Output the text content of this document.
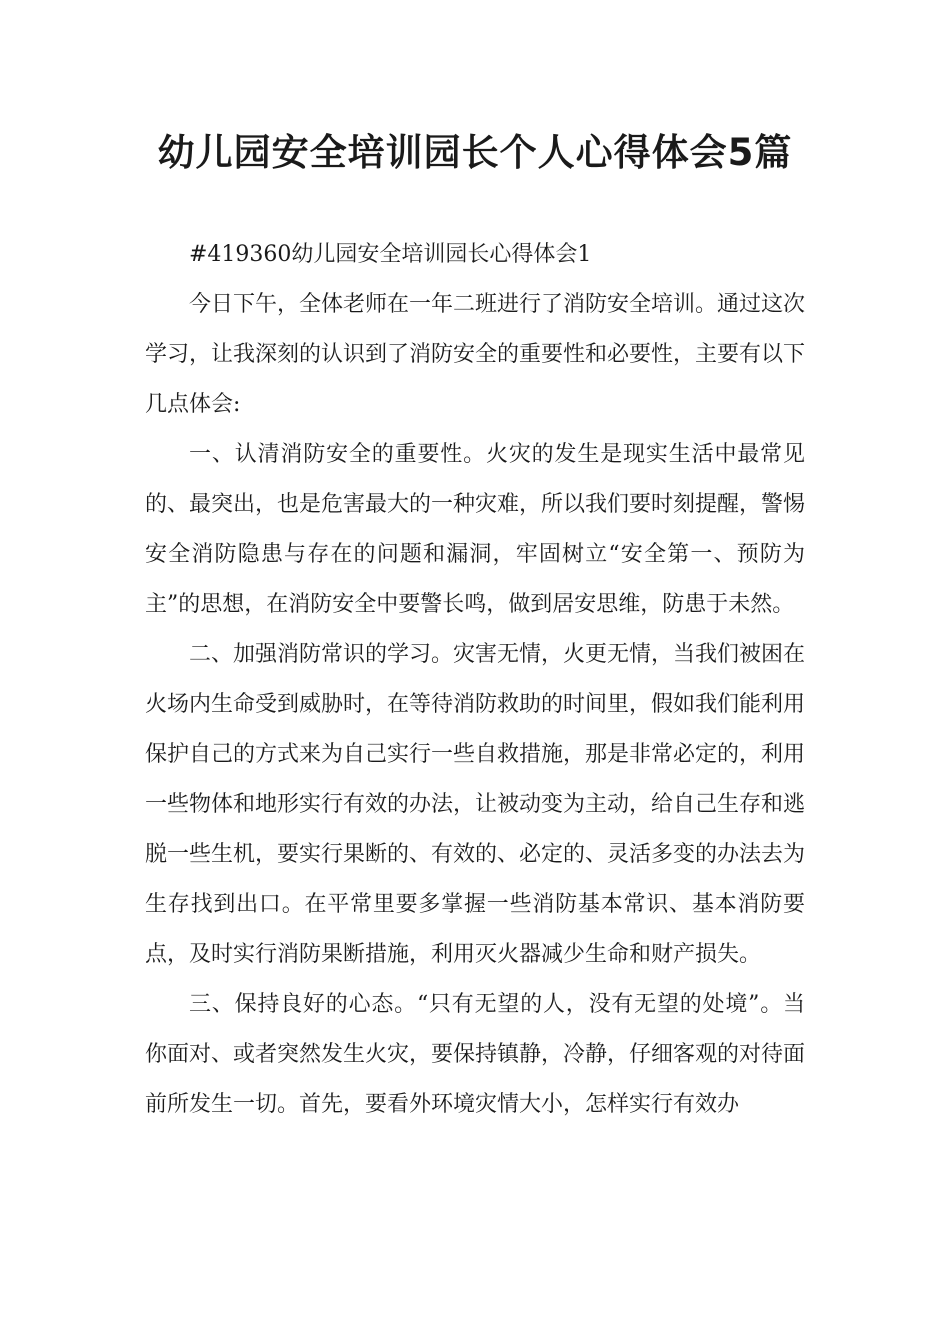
幼儿园安全培训园长个人心得体会5篇

#419360幼儿园安全培训园长心得体会1

今日下午，全体老师在一年二班进行了消防安全培训。通过这次学习，让我深刻的认识到了消防安全的重要性和必要性，主要有以下几点体会:

一、认清消防安全的重要性。火灾的发生是现实生活中最常见的、最突出，也是危害最大的一种灾难，所以我们要时刻提醒，警惕安全消防隐患与存在的问题和漏洞，牢固树立“安全第一、预防为主”的思想，在消防安全中要警长鸣，做到居安思维，防患于未然。

二、加强消防常识的学习。灾害无情，火更无情，当我们被困在火场内生命受到威胁时，在等待消防救助的时间里，假如我们能利用保护自己的方式来为自己实行一些自救措施，那是非常必定的，利用一些物体和地形实行有效的办法，让被动变为主动，给自己生存和逃脱一些生机，要实行果断的、有效的、必定的、灵活多变的办法去为生存找到出口。在平常里要多掌握一些消防基本常识、基本消防要点，及时实行消防果断措施，利用灭火器减少生命和财产损失。

三、保持良好的心态。“只有无望的人，没有无望的处境”。当你面对、或者突然发生火灾，要保持镇静，冷静，仔细客观的对待面前所发生一切。首先，要看外环境灾情大小，怎样实行有效办
